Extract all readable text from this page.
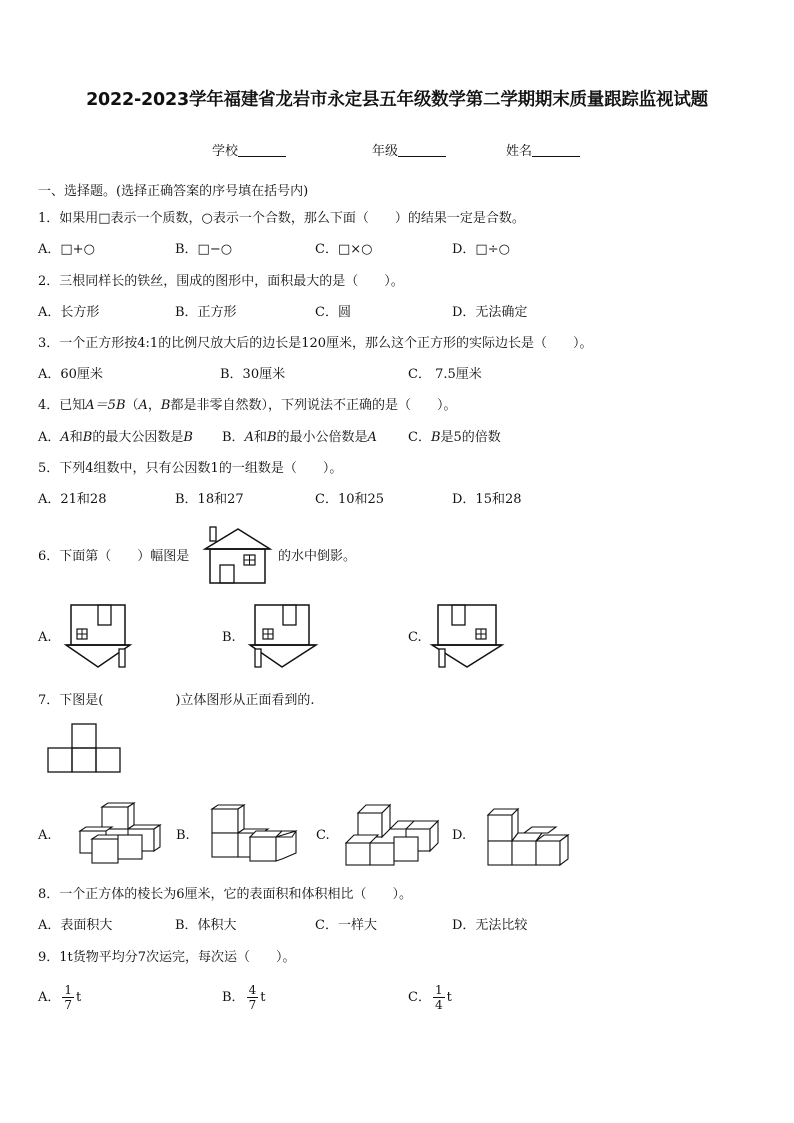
2022-2023学年福建省龙岩市永定县五年级数学第二学期期末质量跟踪监视试题
学校	年级	姓名
一、选择题。(选择正确答案的序号填在括号内)
1．如果用□表示一个质数，○表示一个合数，那么下面（ ）的结果一定是合数。
A．□+○	B．□−○	C．□×○	D．□÷○
2．三根同样长的铁丝，围成的图形中，面积最大的是（ ）。
A．长方形	B．正方形	C．圆	D．无法确定
3．一个正方形按4:1的比例尺放大后的边长是120厘米，那么这个正方形的实际边长是（ ）。
A．60厘米	B．30厘米	C． 7.5厘米
4．已知A＝5B（A，B都是非零自然数），下列说法不正确的是（ ）。
A．A和B的最大公因数是B B．A和B的最小公倍数是A C．B是5的倍数
5．下列4组数中，只有公因数1的一组数是（ ）。
A．21和28	B．18和27	C．10和25	D．15和28
6．下面第（ ）幅图是	的水中倒影。
A.	B.	C.
7．下图是(	)立体图形从正面看到的.
A.	B.	C.	D.
8．一个正方体的棱长为6厘米，它的表面积和体积相比（ ）。
A．表面积大	B．体积大	C．一样大	D．无法比较
9．1t货物平均分7次运完，每次运（ ）。
A． $\frac{1}{7}$ t	B． $\frac{4}{7}$ t	C． $\frac{1}{4}$ t
